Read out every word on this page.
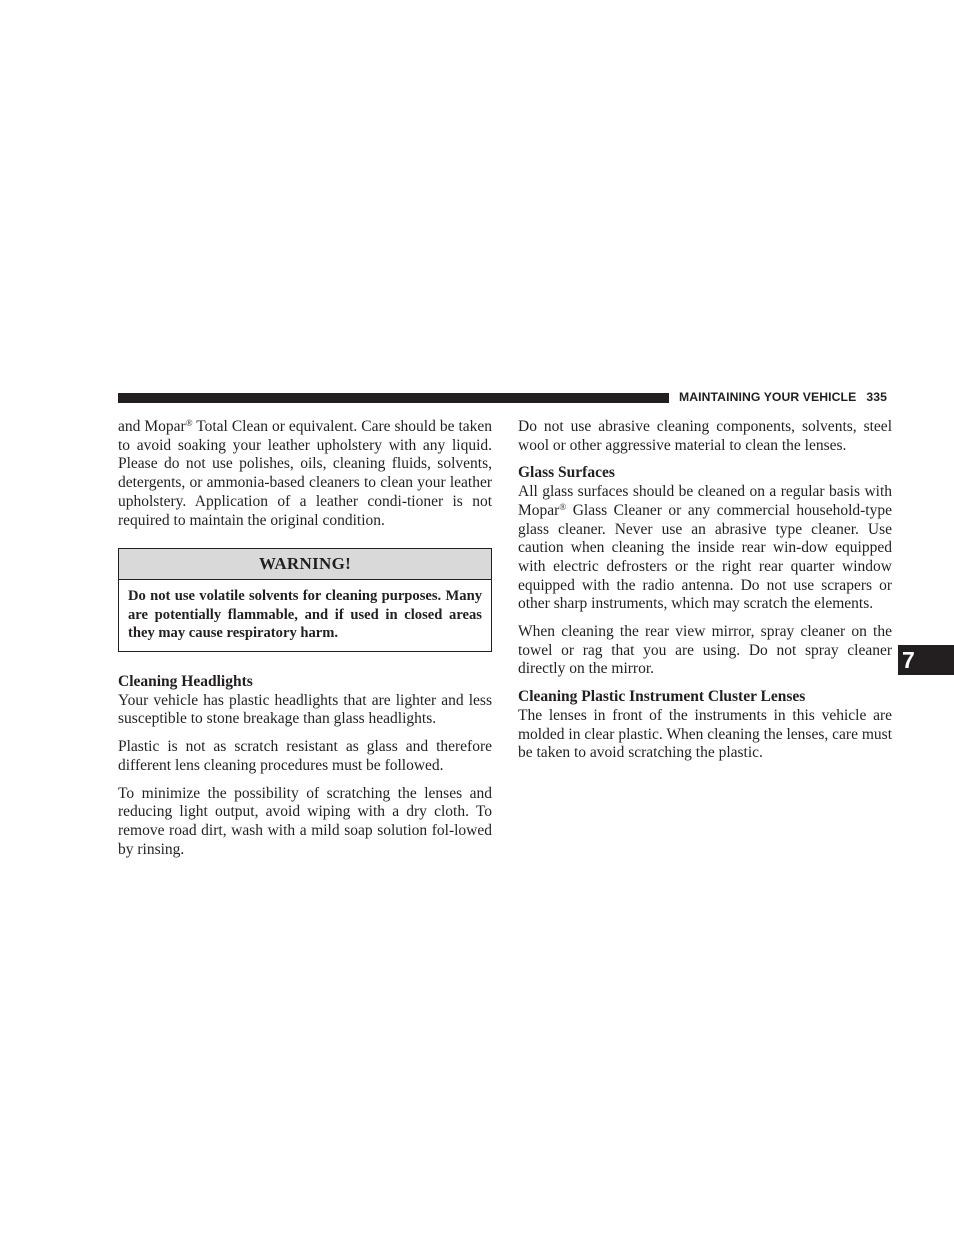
MAINTAINING YOUR VEHICLE 335

and Mopar® Total Clean or equivalent. Care should be taken to avoid soaking your leather upholstery with any liquid. Please do not use polishes, oils, cleaning fluids, solvents, detergents, or ammonia-based cleaners to clean your leather upholstery. Application of a leather condi-tioner is not required to maintain the original condition.

WARNING!
Do not use volatile solvents for cleaning purposes. Many are potentially flammable, and if used in closed areas they may cause respiratory harm.
Cleaning Headlights

Your vehicle has plastic headlights that are lighter and less susceptible to stone breakage than glass headlights.

Plastic is not as scratch resistant as glass and therefore different lens cleaning procedures must be followed.

To minimize the possibility of scratching the lenses and reducing light output, avoid wiping with a dry cloth. To remove road dirt, wash with a mild soap solution fol-lowed by rinsing.

Do not use abrasive cleaning components, solvents, steel wool or other aggressive material to clean the lenses.

Glass Surfaces

All glass surfaces should be cleaned on a regular basis with Mopar® Glass Cleaner or any commercial household-type glass cleaner. Never use an abrasive type cleaner. Use caution when cleaning the inside rear win-dow equipped with electric defrosters or the right rear quarter window equipped with the radio antenna. Do not use scrapers or other sharp instruments, which may scratch the elements.

When cleaning the rear view mirror, spray cleaner on the towel or rag that you are using. Do not spray cleaner directly on the mirror.

Cleaning Plastic Instrument Cluster Lenses

The lenses in front of the instruments in this vehicle are molded in clear plastic. When cleaning the lenses, care must be taken to avoid scratching the plastic.

7
